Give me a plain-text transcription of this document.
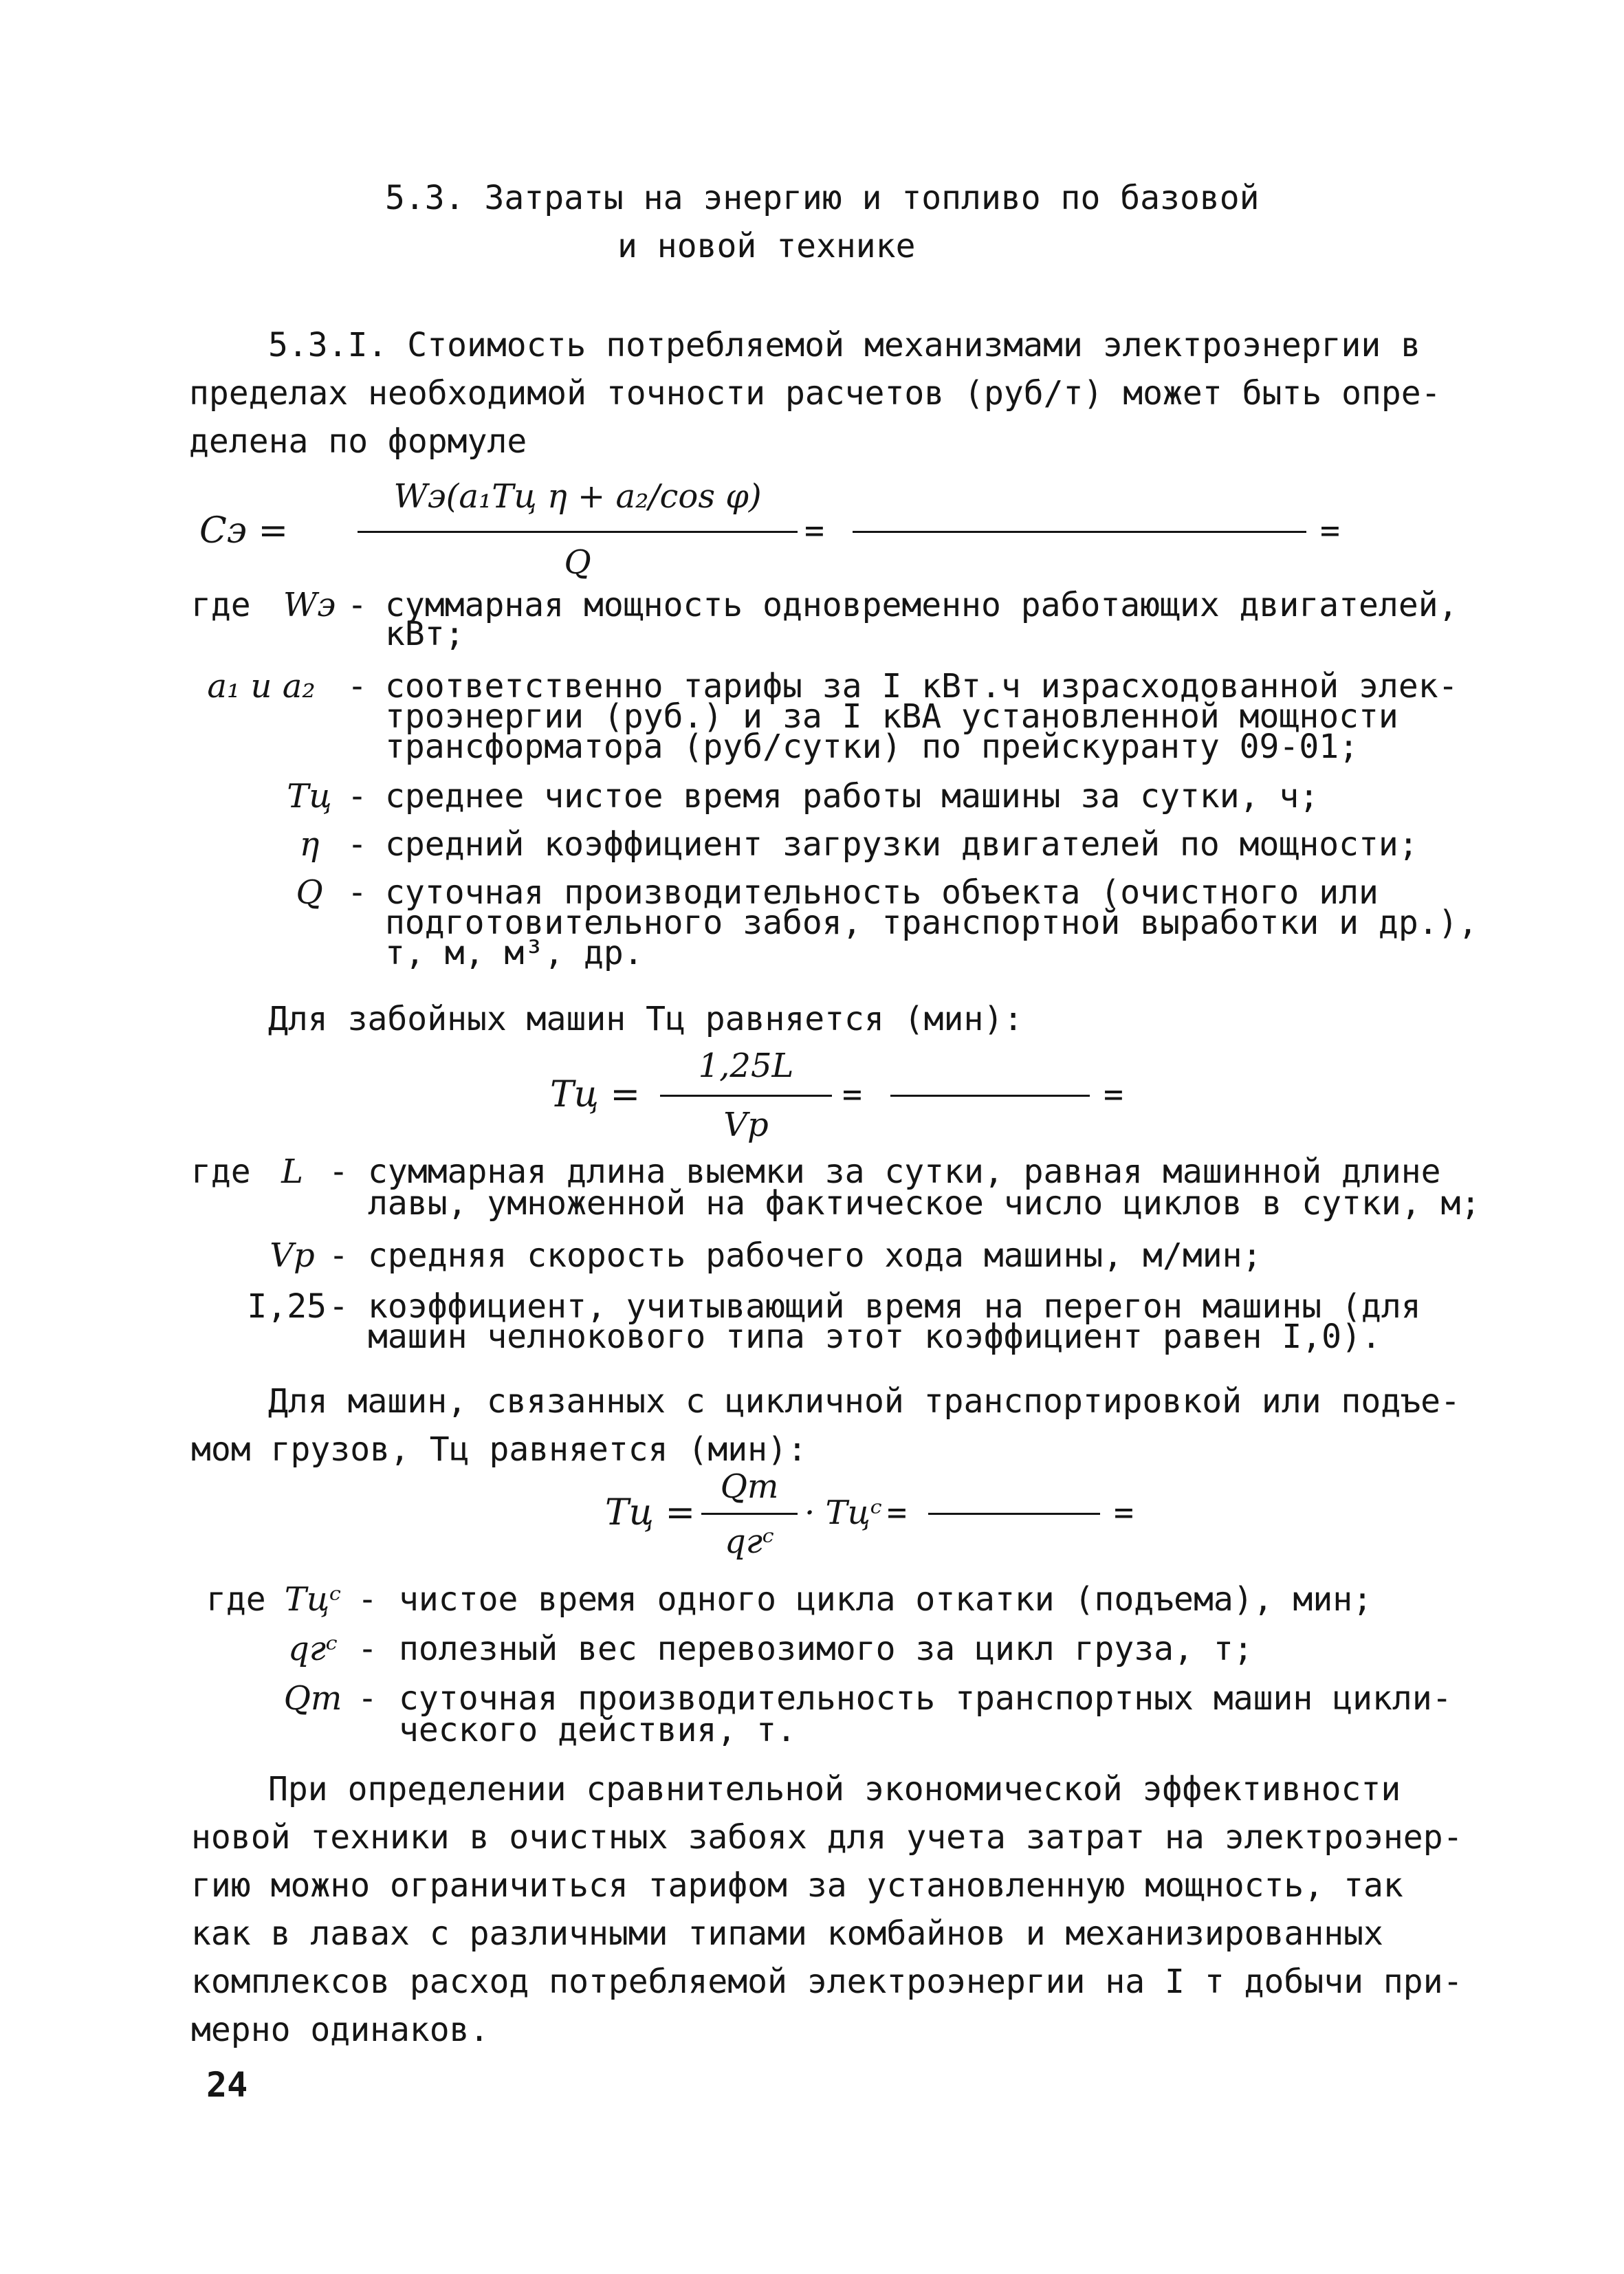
5.3. Затраты на энергию и топливо по базовой
и новой технике
5.3.I. Стоимость потребляемой механизмами электроэнергии в
пределах необходимой точности расчетов (руб/т) может быть опре-
делена по формуле
Cэ =
Wэ(a₁Tц η + a₂/cos φ)
Q
=	=
где Wэ - суммарная мощность одновременно работающих двигателей,
кВт;
a₁ и a₂ - соответственно тарифы за I кВт.ч израсходованной элек-
троэнергии (руб.) и за I кВА установленной мощности
трансформатора (руб/сутки) по прейскуранту 09-01;
Tц - среднее чистое время работы машины за сутки, ч;
η - средний коэффициент загрузки двигателей по мощности;
Q - суточная производительность объекта (очистного или
подготовительного забоя, транспортной выработки и др.),
т, м, м³, др.
Для забойных машин Tц равняется (мин):
Tц =
1,25L
Vр
=	=
где L - суммарная длина выемки за сутки, равная машинной длине
лавы, умноженной на фактическое число циклов в сутки, м;
Vр - средняя скорость рабочего хода машины, м/мин;
I,25 - коэффициент, учитывающий время на перегон машины (для
машин челнокового типа этот коэффициент равен I,0).
Для машин, связанных с цикличной транспортировкой или подъе-
мом грузов, Tц равняется (мин):
Tц =
Qт
qгᶜ
· Tцᶜ =	=
где Tцᶜ - чистое время одного цикла откатки (подъема), мин;
qгᶜ - полезный вес перевозимого за цикл груза, т;
Qт - суточная производительность транспортных машин цикли-
ческого действия, т.
При определении сравнительной экономической эффективности
новой техники в очистных забоях для учета затрат на электроэнер-
гию можно ограничиться тарифом за установленную мощность, так
как в лавах с различными типами комбайнов и механизированных
комплексов расход потребляемой электроэнергии на I т добычи при-
мерно одинаков.
24
